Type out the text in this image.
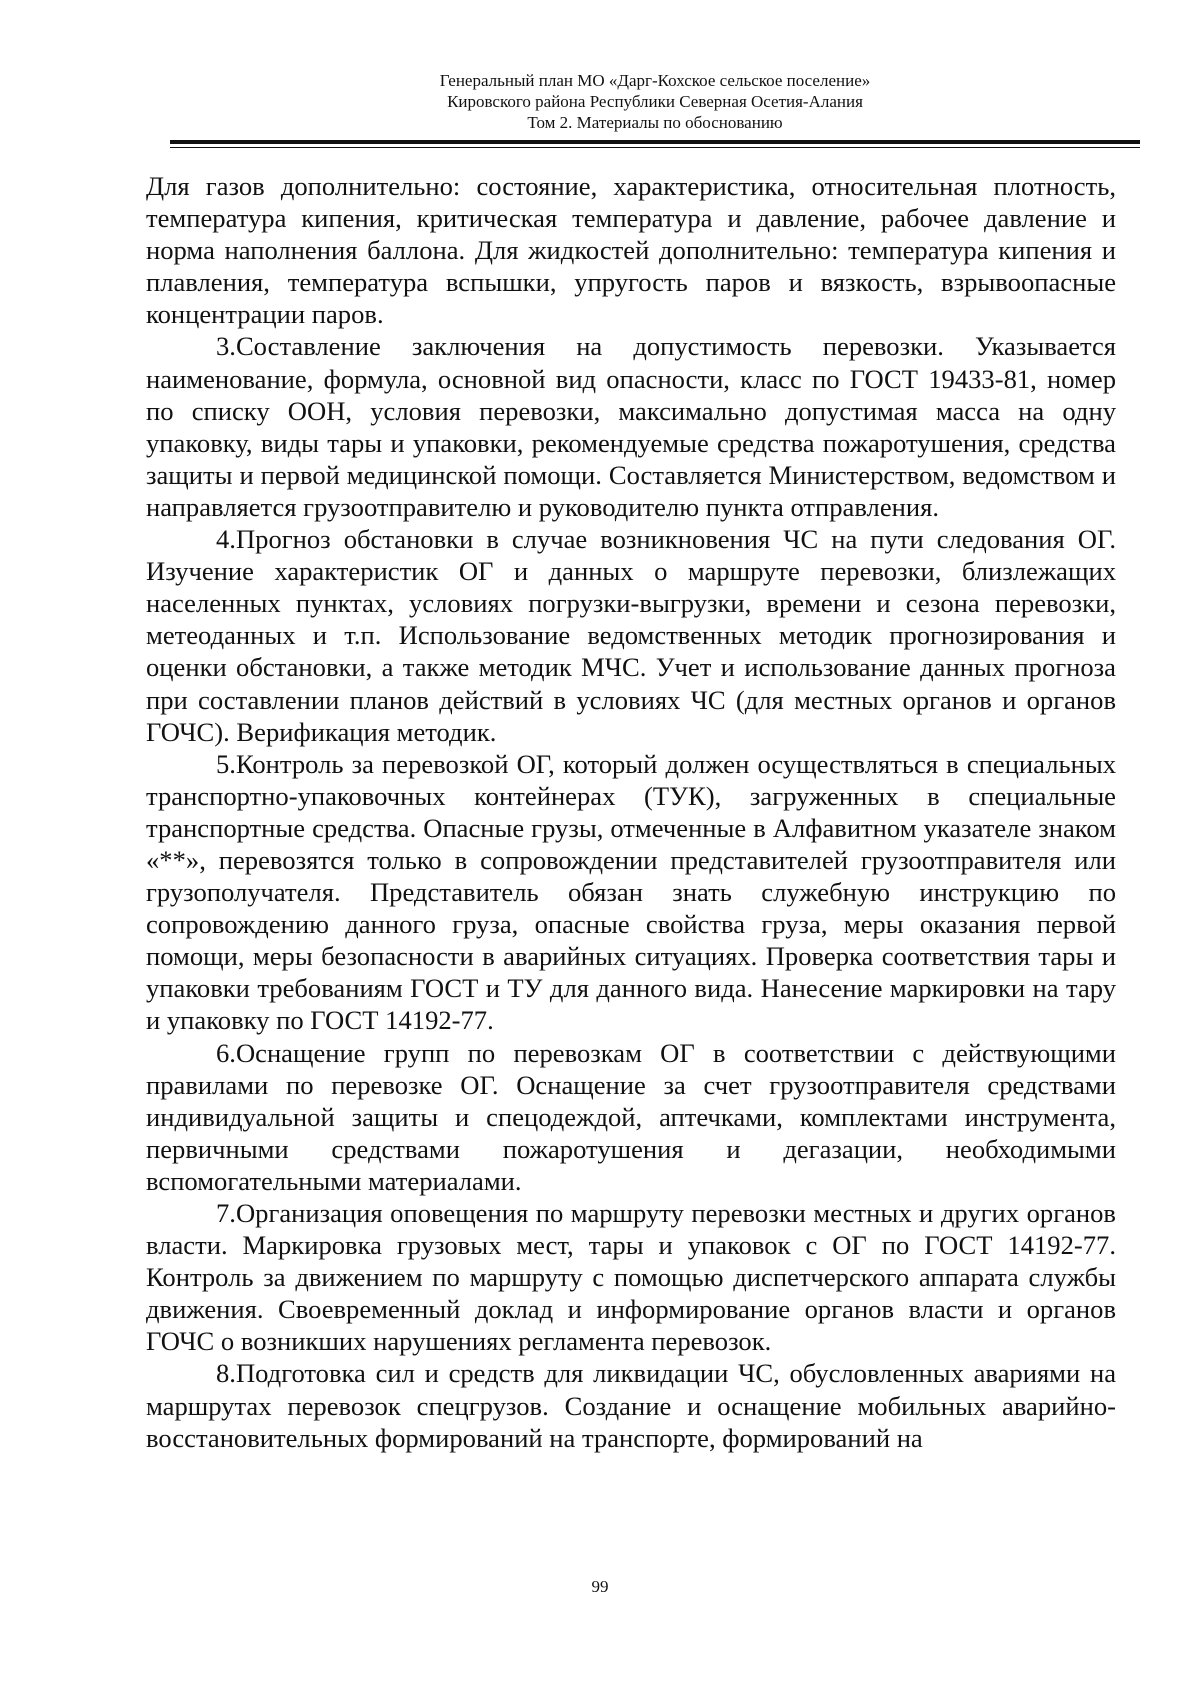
Генеральный план МО «Дарг-Кохское сельское поселение»
Кировского района Республики Северная Осетия-Алания
Том 2. Материалы по обоснованию

Для газов дополнительно: состояние, характеристика, относительная плотность, температура кипения, критическая температура и давление, рабочее давление и норма наполнения баллона. Для жидкостей дополнительно: температура кипения и плавления, температура вспышки, упругость паров и вязкость, взрывоопасные концентрации паров.

3.Составление заключения на допустимость перевозки. Указывается наименование, формула, основной вид опасности, класс по ГОСТ 19433-81, номер по списку ООН, условия перевозки, максимально допустимая масса на одну упаковку, виды тары и упаковки, рекомендуемые средства пожаротушения, средства защиты и первой медицинской помощи. Составляется Министерством, ведомством и направляется грузоотправителю и руководителю пункта отправления.

4.Прогноз обстановки в случае возникновения ЧС на пути следования ОГ. Изучение характеристик ОГ и данных о маршруте перевозки, близлежащих населенных пунктах, условиях погрузки-выгрузки, времени и сезона перевозки, метеоданных и т.п. Использование ведомственных методик прогнозирования и оценки обстановки, а также методик МЧС. Учет и использование данных прогноза при составлении планов действий в условиях ЧС (для местных органов и органов ГОЧС). Верификация методик.

5.Контроль за перевозкой ОГ, который должен осуществляться в специальных транспортно-упаковочных контейнерах (ТУК), загруженных в специальные транспортные средства. Опасные грузы, отмеченные в Алфавитном указателе знаком «**», перевозятся только в сопровождении представителей грузоотправителя или грузополучателя. Представитель обязан знать служебную инструкцию по сопровождению данного груза, опасные свойства груза, меры оказания первой помощи, меры безопасности в аварийных ситуациях. Проверка соответствия тары и упаковки требованиям ГОСТ и ТУ для данного вида. Нанесение маркировки на тару и упаковку по ГОСТ 14192-77.

6.Оснащение групп по перевозкам ОГ в соответствии с действующими правилами по перевозке ОГ. Оснащение за счет грузоотправителя средствами индивидуальной защиты и спецодеждой, аптечками, комплектами инструмента, первичными средствами пожаротушения и дегазации, необходимыми вспомогательными материалами.

7.Организация оповещения по маршруту перевозки местных и других органов власти. Маркировка грузовых мест, тары и упаковок с ОГ по ГОСТ 14192-77. Контроль за движением по маршруту с помощью диспетчерского аппарата службы движения. Своевременный доклад и информирование органов власти и органов ГОЧС о возникших нарушениях регламента перевозок.

8.Подготовка сил и средств для ликвидации ЧС, обусловленных авариями на маршрутах перевозок спецгрузов. Создание и оснащение мобильных аварийно-восстановительных формирований на транспорте, формирований на

99
